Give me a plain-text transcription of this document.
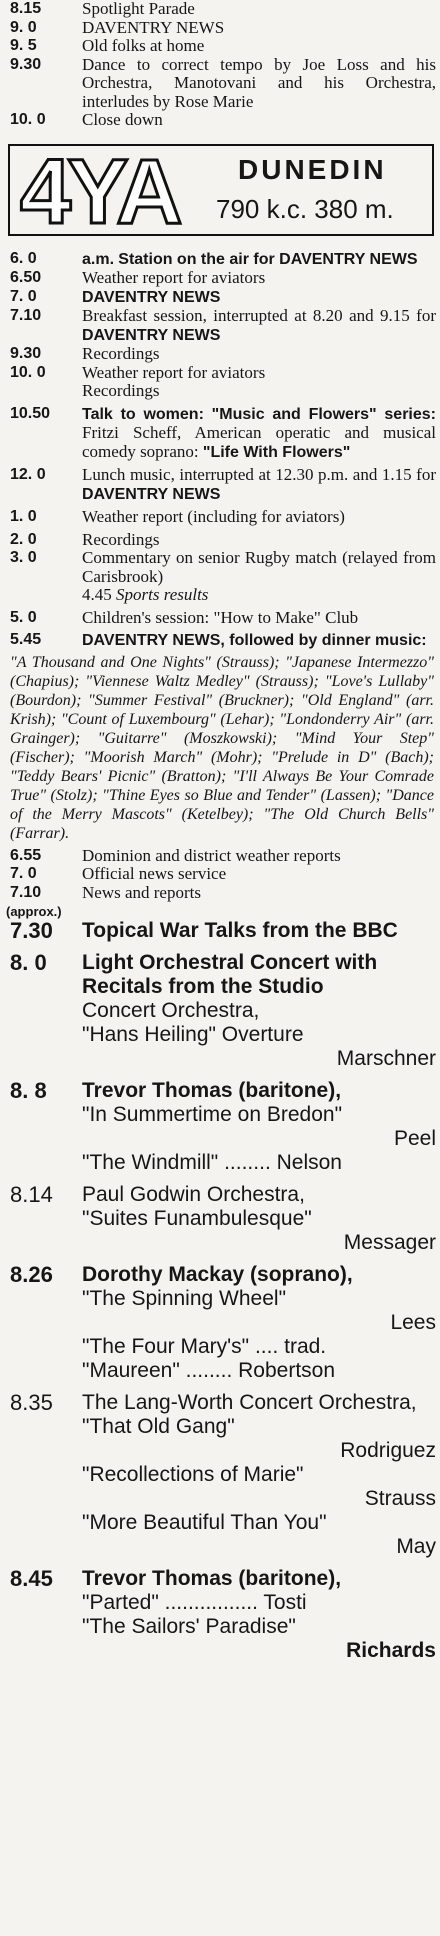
8.15	Spotlight Parade
9. 0	DAVENTRY NEWS
9. 5	Old folks at home
9.30	Dance to correct tempo by Joe Loss and his Orchestra, Manotovani and his Orchestra, interludes by Rose Marie
10. 0	Close down
4YA DUNEDIN
790 k.c. 380 m.
6. 0	a.m. Station on the air for DAVENTRY NEWS
6.50	Weather report for aviators
7. 0	DAVENTRY NEWS
7.10	Breakfast session, interrupted at 8.20 and 9.15 for DAVENTRY NEWS
9.30	Recordings
10. 0	Weather report for aviators
Recordings
10.50	Talk to women: "Music and Flowers" series: Fritzi Scheff, American operatic and musical comedy soprano: "Life With Flowers"
12. 0	Lunch music, interrupted at 12.30 p.m. and 1.15 for DAVENTRY NEWS
1. 0	Weather report (including for aviators)
2. 0	Recordings
3. 0	Commentary on senior Rugby match (relayed from Carisbrook)
4.45 Sports results
5. 0	Children's session: "How to Make" Club
5.45	DAVENTRY NEWS, followed by dinner music:
"A Thousand and One Nights" (Strauss); "Japanese Intermezzo" (Chapius); "Viennese Waltz Medley" (Strauss); "Love's Lullaby" (Bourdon); "Summer Festival" (Bruckner); "Old England" (arr. Krish); "Count of Luxembourg" (Lehar); "Londonderry Air" (arr. Grainger); "Guitarre" (Moszkowski); "Mind Your Step" (Fischer); "Moorish March" (Mohr); "Prelude in D" (Bach); "Teddy Bears' Picnic" (Bratton); "I'll Always Be Your Comrade True" (Stolz); "Thine Eyes so Blue and Tender" (Lassen); "Dance of the Merry Mascots" (Ketelbey); "The Old Church Bells" (Farrar).
6.55	Dominion and district weather reports
7. 0	Official news service
7.10	News and reports
(approx.)
7.30 Topical War Talks from the BBC
8. 0 Light Orchestral Concert with Recitals from the Studio
Concert Orchestra,
"Hans Heiling" Overture
Marschner
8. 8 Trevor Thomas (baritone),
"In Summertime on Bredon"
Peel
"The Windmill" ........ Nelson
8.14 Paul Godwin Orchestra,
"Suites Funambulesque"
Messager
8.26 Dorothy Mackay (soprano),
"The Spinning Wheel"
Lees
"The Four Mary's" .... trad.
"Maureen" ........ Robertson
8.35 The Lang-Worth Concert Orchestra,
"That Old Gang"
Rodriguez
"Recollections of Marie"
Strauss
"More Beautiful Than You"
May
8.45 Trevor Thomas (baritone),
"Parted" ................ Tosti
"The Sailors' Paradise"
Richards
